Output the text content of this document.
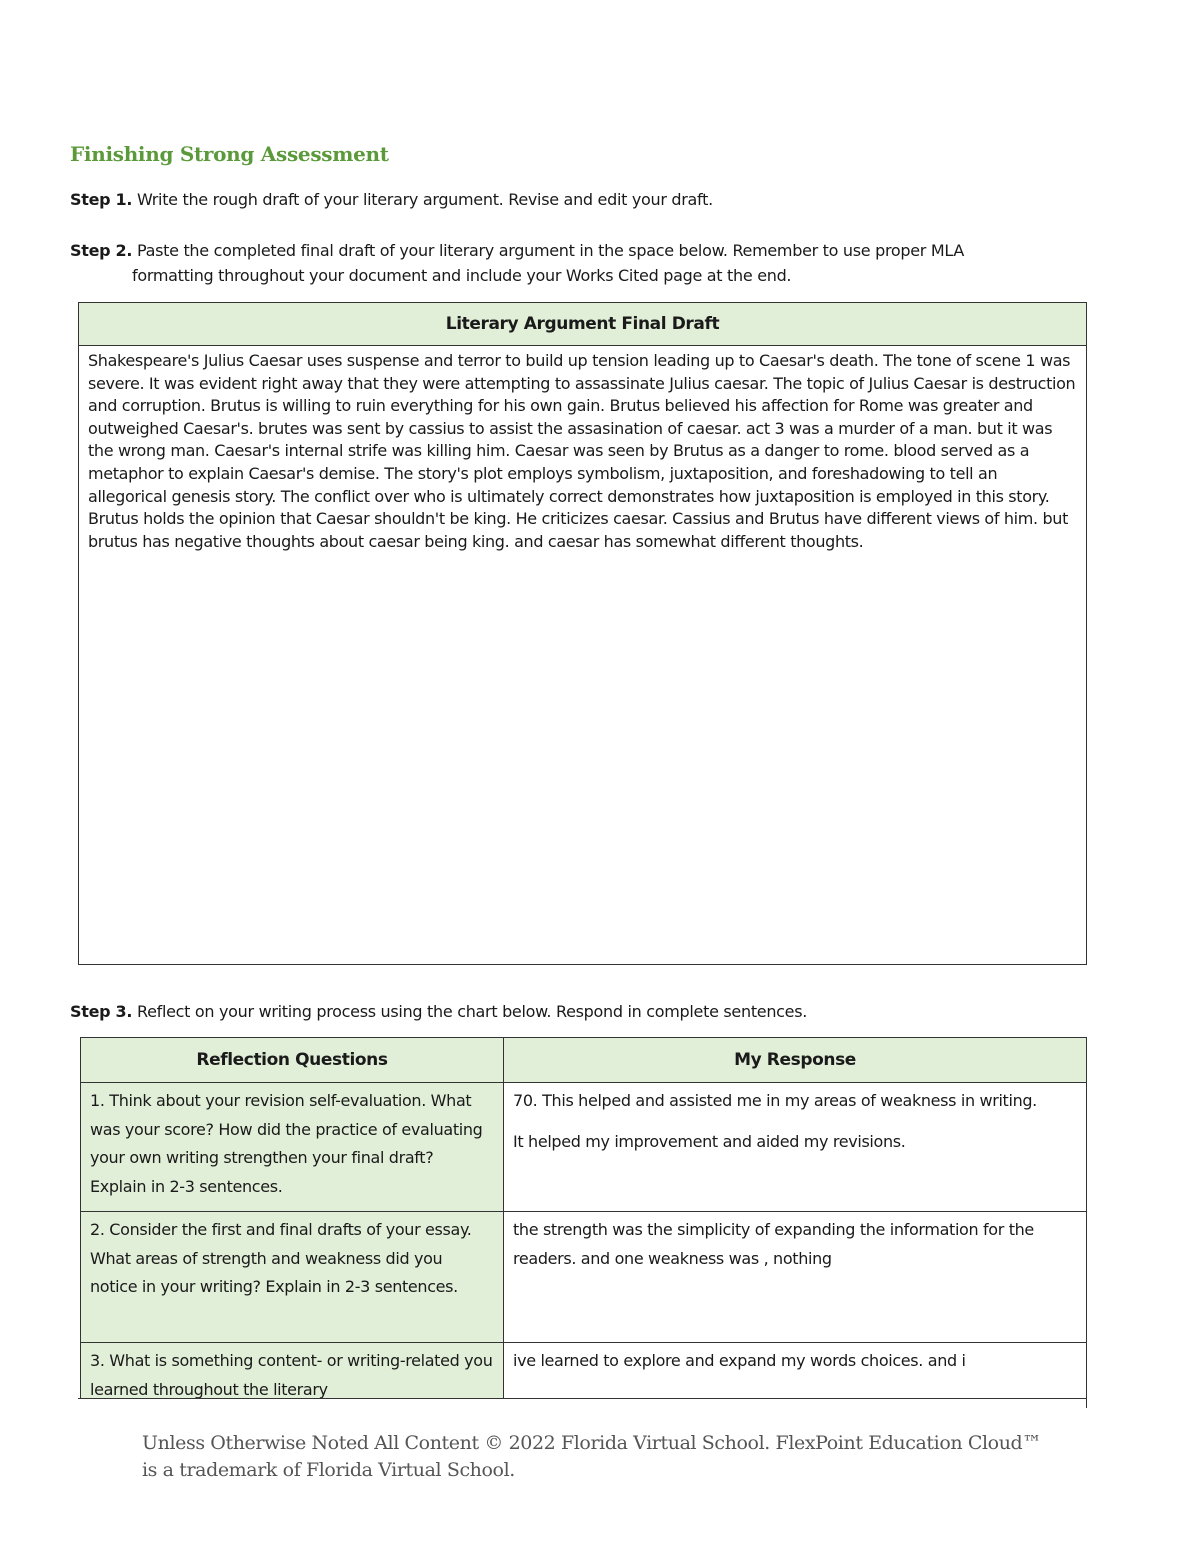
Finishing Strong Assessment
Step 1. Write the rough draft of your literary argument. Revise and edit your draft.
Step 2. Paste the completed final draft of your literary argument in the space below. Remember to use proper MLA
formatting throughout your document and include your Works Cited page at the end.
Literary Argument Final Draft
Shakespeare's Julius Caesar uses suspense and terror to build up tension leading up to Caesar's death. The tone of scene 1 was severe. It was evident right away that they were attempting to assassinate Julius caesar. The topic of Julius Caesar is destruction and corruption. Brutus is willing to ruin everything for his own gain. Brutus believed his affection for Rome was greater and outweighed Caesar's. brutes was sent by cassius to assist the assasination of caesar. act 3 was a murder of a man. but it was the wrong man. Caesar's internal strife was killing him. Caesar was seen by Brutus as a danger to rome. blood served as a metaphor to explain Caesar's demise. The story's plot employs symbolism, juxtaposition, and foreshadowing to tell an allegorical genesis story. The conflict over who is ultimately correct demonstrates how juxtaposition is employed in this story. Brutus holds the opinion that Caesar shouldn't be king. He criticizes caesar. Cassius and Brutus have different views of him. but brutus has negative thoughts about caesar being king. and caesar has somewhat different thoughts.
Step 3. Reflect on your writing process using the chart below. Respond in complete sentences.
Reflection Questions	My Response
1. Think about your revision self-evaluation. What was your score? How did the practice of evaluating your own writing strengthen your final draft? Explain in 2-3 sentences.	70. This helped and assisted me in my areas of weakness in writing.

It helped my improvement and aided my revisions.

2. Consider the first and final drafts of your essay. What areas of strength and weakness did you notice in your writing? Explain in 2-3 sentences.	the strength was the simplicity of expanding the information for the readers. and one weakness was , nothing

3. What is something content- or writing-related you learned throughout the literary	ive learned to explore and expand my words choices. and i

Unless Otherwise Noted All Content © 2022 Florida Virtual School. FlexPoint Education Cloud™ is a trademark of Florida Virtual School.
